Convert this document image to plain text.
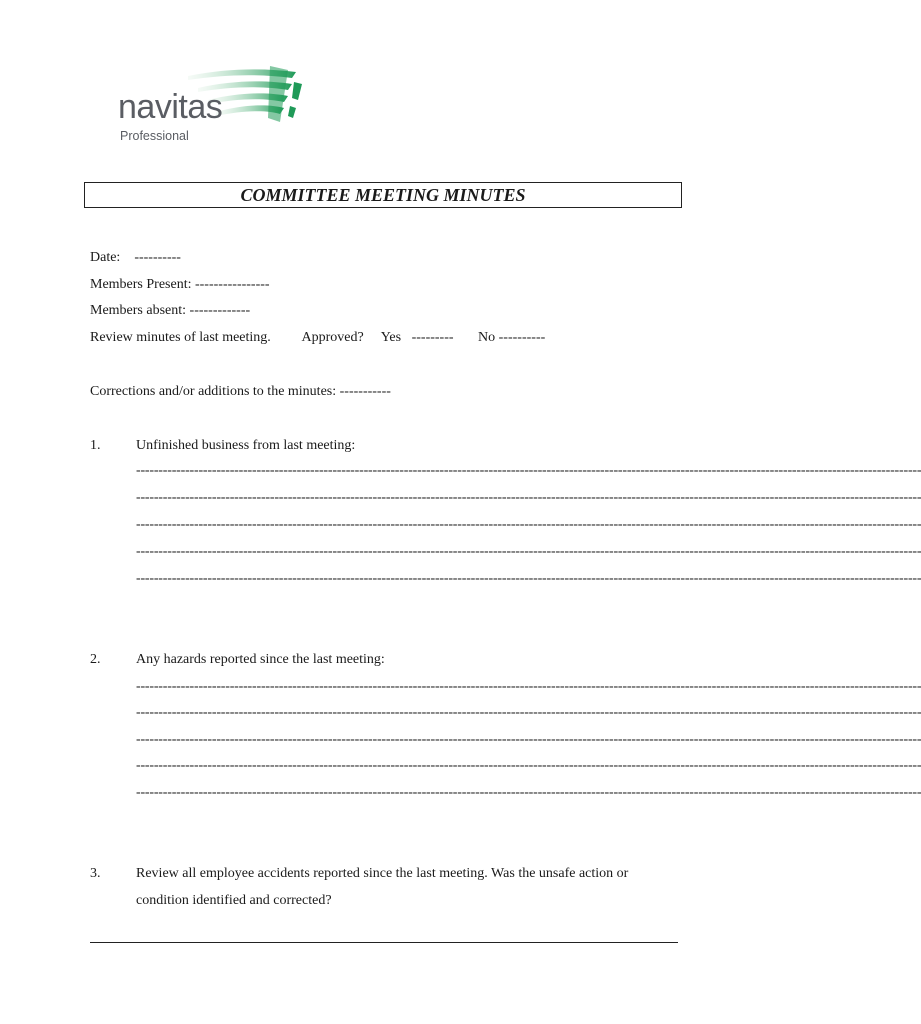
navitas
Professional
COMMITTEE MEETING MINUTES
Date:    ----------
Members Present: ----------------
Members absent: -------------
Review minutes of last meeting.         Approved?     Yes   ---------       No ----------
Corrections and/or additions to the minutes: -----------
1.	Unfinished business from last meeting:
--------------------------------------------------------------------------------------------------------------------------------------------------------------------------------
--------------------------------------------------------------------------------------------------------------------------------------------------------------------------------
--------------------------------------------------------------------------------------------------------------------------------------------------------------------------------
--------------------------------------------------------------------------------------------------------------------------------------------------------------------------------
--------------------------------------------------------------------------------------------------------------------------------------------------------------------------------
2.	Any hazards reported since the last meeting:
--------------------------------------------------------------------------------------------------------------------------------------------------------------------------------
--------------------------------------------------------------------------------------------------------------------------------------------------------------------------------
--------------------------------------------------------------------------------------------------------------------------------------------------------------------------------
--------------------------------------------------------------------------------------------------------------------------------------------------------------------------------
--------------------------------------------------------------------------------------------------------------------------------------------------------------------------------
3.	Review all employee accidents reported since the last meeting. Was the unsafe action or
condition identified and corrected?
